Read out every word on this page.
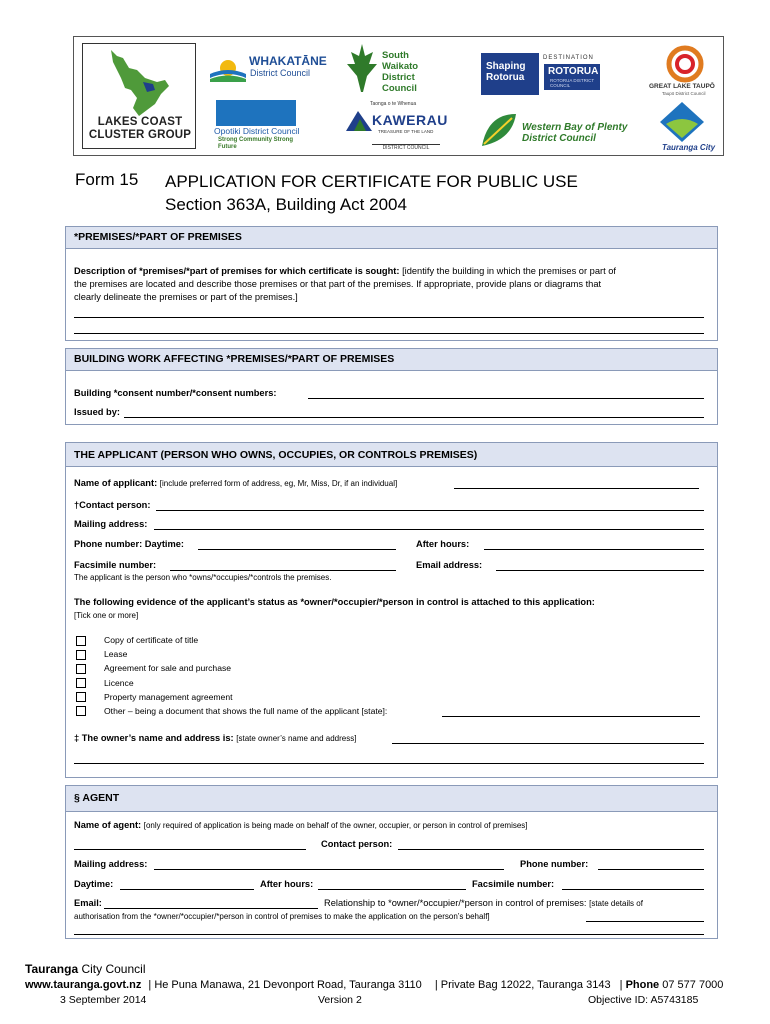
LAKES COAST CLUSTER GROUP
WHAKATĀNE
District Council
South Waikato District Council
Shaping Rotorua
DESTINATION
ROTORUA
ROTORUA DISTRICT COUNCIL	GREAT LAKE TAUPŌ
Taupō District Council
Opotiki District Council
Strong Community Strong Future
Taonga o te Whenua
KAWERAU
TREASURE OF THE LAND
DISTRICT COUNCIL
Western Bay of Plenty District Council
Tauranga City
Form 15 APPLICATION FOR CERTIFICATE FOR PUBLIC USE
Section 363A, Building Act 2004
*PREMISES/*PART OF PREMISES
Description of *premises/*part of premises for which certificate is sought: [identify the building in which the premises or part of
the premises are located and describe those premises or that part of the premises. If appropriate, provide plans or diagrams that
clearly delineate the premises or part of the premises.]
BUILDING WORK AFFECTING *PREMISES/*PART OF PREMISES
Building *consent number/*consent numbers:
Issued by:
THE APPLICANT (PERSON WHO OWNS, OCCUPIES, OR CONTROLS PREMISES)
Name of applicant: [include preferred form of address, eg, Mr, Miss, Dr, if an individual]
†Contact person:
Mailing address:
Phone number: Daytime:	After hours:
Facsimile number:	Email address:
The applicant is the person who *owns/*occupies/*controls the premises.
The following evidence of the applicant’s status as *owner/*occupier/*person in control is attached to this application:
[Tick one or more]
Copy of certificate of title
Lease
Agreement for sale and purchase
Licence
Property management agreement
Other – being a document that shows the full name of the applicant [state]:
‡ The owner’s name and address is: [state owner’s name and address]
§ AGENT
Name of agent: [only required of application is being made on behalf of the owner, occupier, or person in control of premises]
Contact person:
Mailing address:	Phone number:
Daytime:	After hours:	Facsimile number:
Email:	Relationship to *owner/*occupier/*person in control of premises: [state details of
authorisation from the *owner/*occupier/*person in control of premises to make the application on the person’s behalf]
Tauranga City Council
www.tauranga.govt.nz | He Puna Manawa, 21 Devonport Road, Tauranga 3110 | Private Bag 12022, Tauranga 3143 | Phone 07 577 7000
3 September 2014	Version 2	Objective ID: A5743185
